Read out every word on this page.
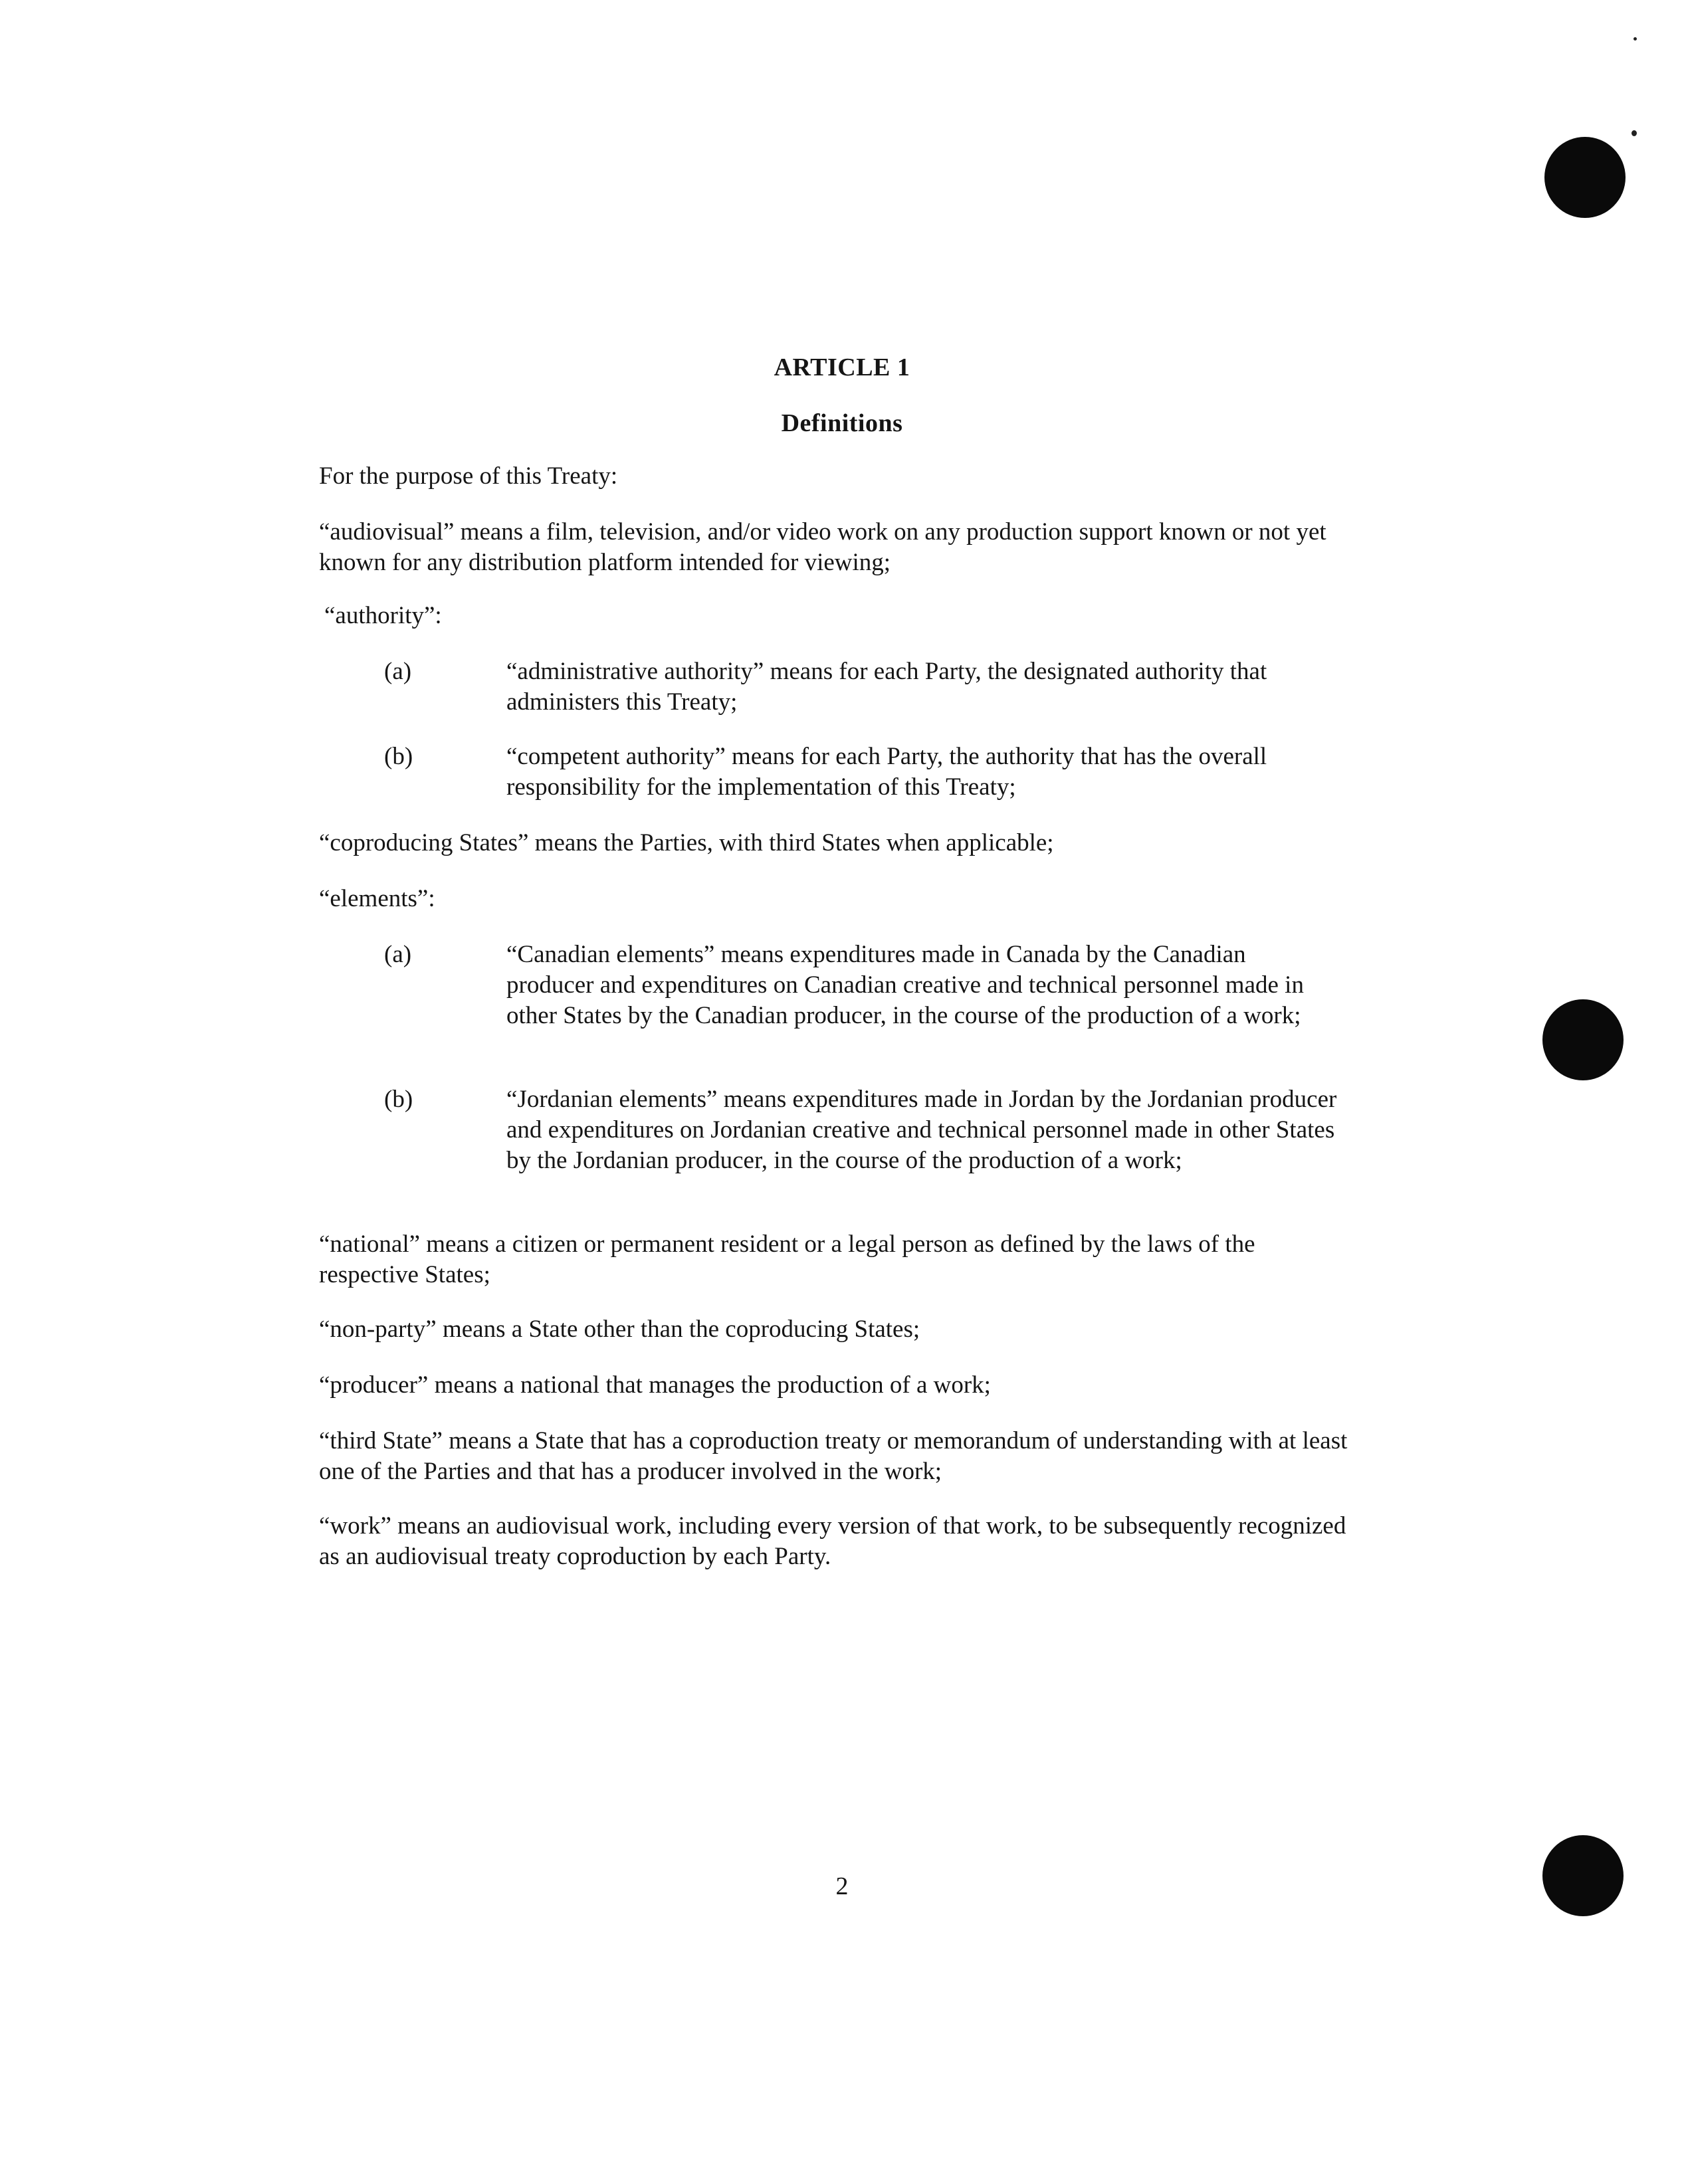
ARTICLE 1
Definitions

For the purpose of this Treaty:

“audiovisual” means a film, television, and/or video work on any production support known or not yet known for any distribution platform intended for viewing;

“authority”:

(a)	“administrative authority” means for each Party, the designated authority that administers this Treaty;
(b)	“competent authority” means for each Party, the authority that has the overall responsibility for the implementation of this Treaty;

“coproducing States” means the Parties, with third States when applicable;

“elements”:

(a)	“Canadian elements” means expenditures made in Canada by the Canadian producer and expenditures on Canadian creative and technical personnel made in other States by the Canadian producer, in the course of the production of a work;
(b)	“Jordanian elements” means expenditures made in Jordan by the Jordanian producer and expenditures on Jordanian creative and technical personnel made in other States by the Jordanian producer, in the course of the production of a work;

“national” means a citizen or permanent resident or a legal person as defined by the laws of the respective States;

“non-party” means a State other than the coproducing States;

“producer” means a national that manages the production of a work;

“third State” means a State that has a coproduction treaty or memorandum of understanding with at least one of the Parties and that has a producer involved in the work;

“work” means an audiovisual work, including every version of that work, to be subsequently recognized as an audiovisual treaty coproduction by each Party.

2
